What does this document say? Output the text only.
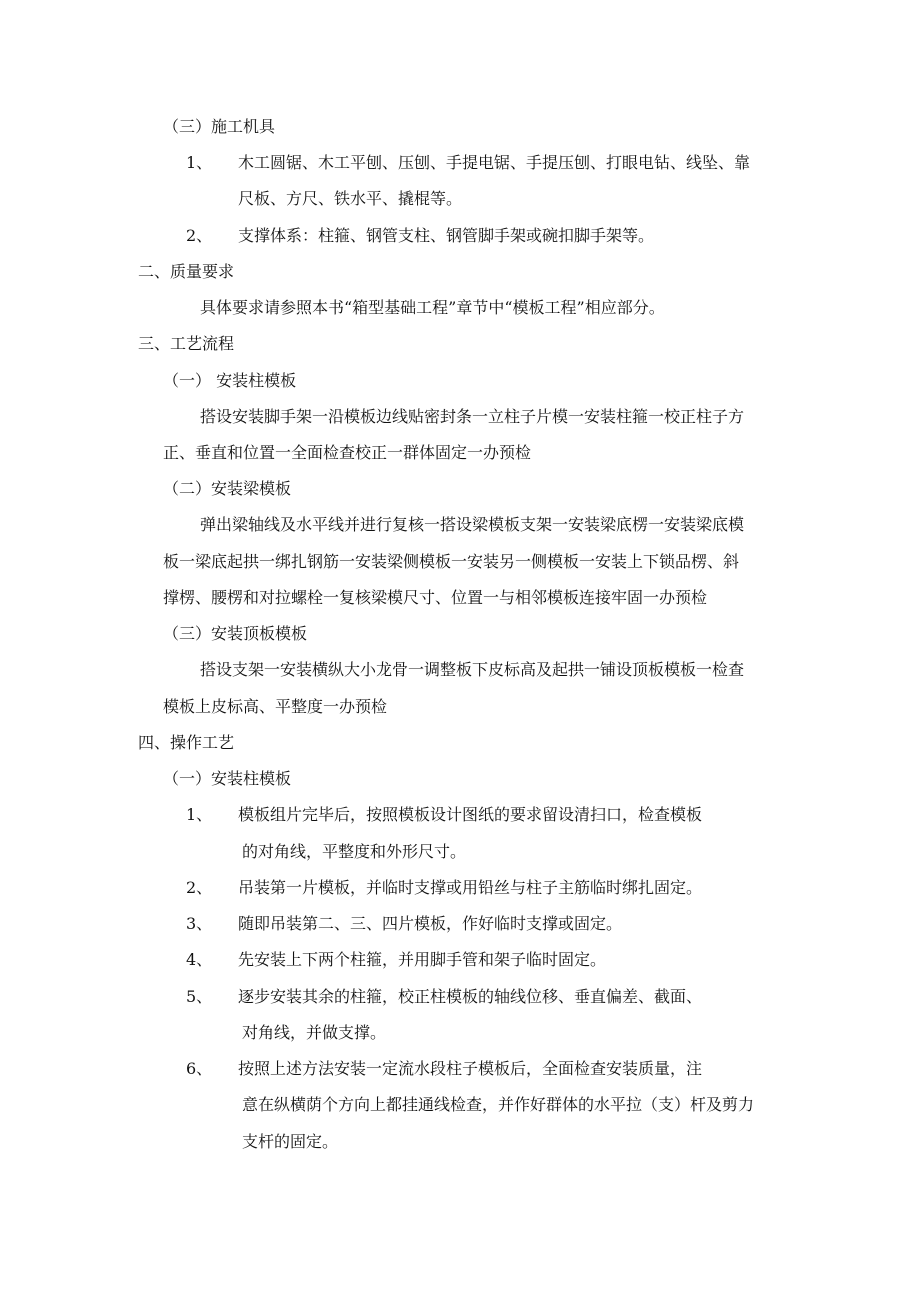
（三）施工机具
1、 木工圆锯、木工平刨、压刨、手提电锯、手提压刨、打眼电钻、线坠、靠
尺板、方尺、铁水平、撬棍等。
2、 支撑体系：柱箍、钢管支柱、钢管脚手架或碗扣脚手架等。
二、质量要求
具体要求请参照本书“箱型基础工程”章节中“模板工程”相应部分。
三、工艺流程
（一） 安装柱模板
搭设安装脚手架一沿模板边线贴密封条一立柱子片模一安装柱箍一校正柱子方
正、垂直和位置一全面检查校正一群体固定一办预检
（二）安装梁模板
弹出梁轴线及水平线并进行复核一搭设梁模板支架一安装梁底楞一安装梁底模
板一梁底起拱一绑扎钢筋一安装梁侧模板一安装另一侧模板一安装上下锁品楞、斜
撑楞、腰楞和对拉螺栓一复核梁模尺寸、位置一与相邻模板连接牢固一办预检
（三）安装顶板模板
搭设支架一安装横纵大小龙骨一调整板下皮标高及起拱一铺设顶板模板一检查
模板上皮标高、平整度一办预检
四、操作工艺
（一）安装柱模板
1、 模板组片完毕后，按照模板设计图纸的要求留设清扫口，检查模板
的对角线，平整度和外形尺寸。
2、 吊装第一片模板，并临时支撑或用铅丝与柱子主筋临时绑扎固定。
3、 随即吊装第二、三、四片模板，作好临时支撑或固定。
4、 先安装上下两个柱箍，并用脚手管和架子临时固定。
5、 逐步安装其余的柱箍，校正柱模板的轴线位移、垂直偏差、截面、
对角线，并做支撑。
6、 按照上述方法安装一定流水段柱子模板后，全面检查安装质量，注
意在纵横荫个方向上都挂通线检查，并作好群体的水平拉（支）杆及剪力
支杆的固定。
